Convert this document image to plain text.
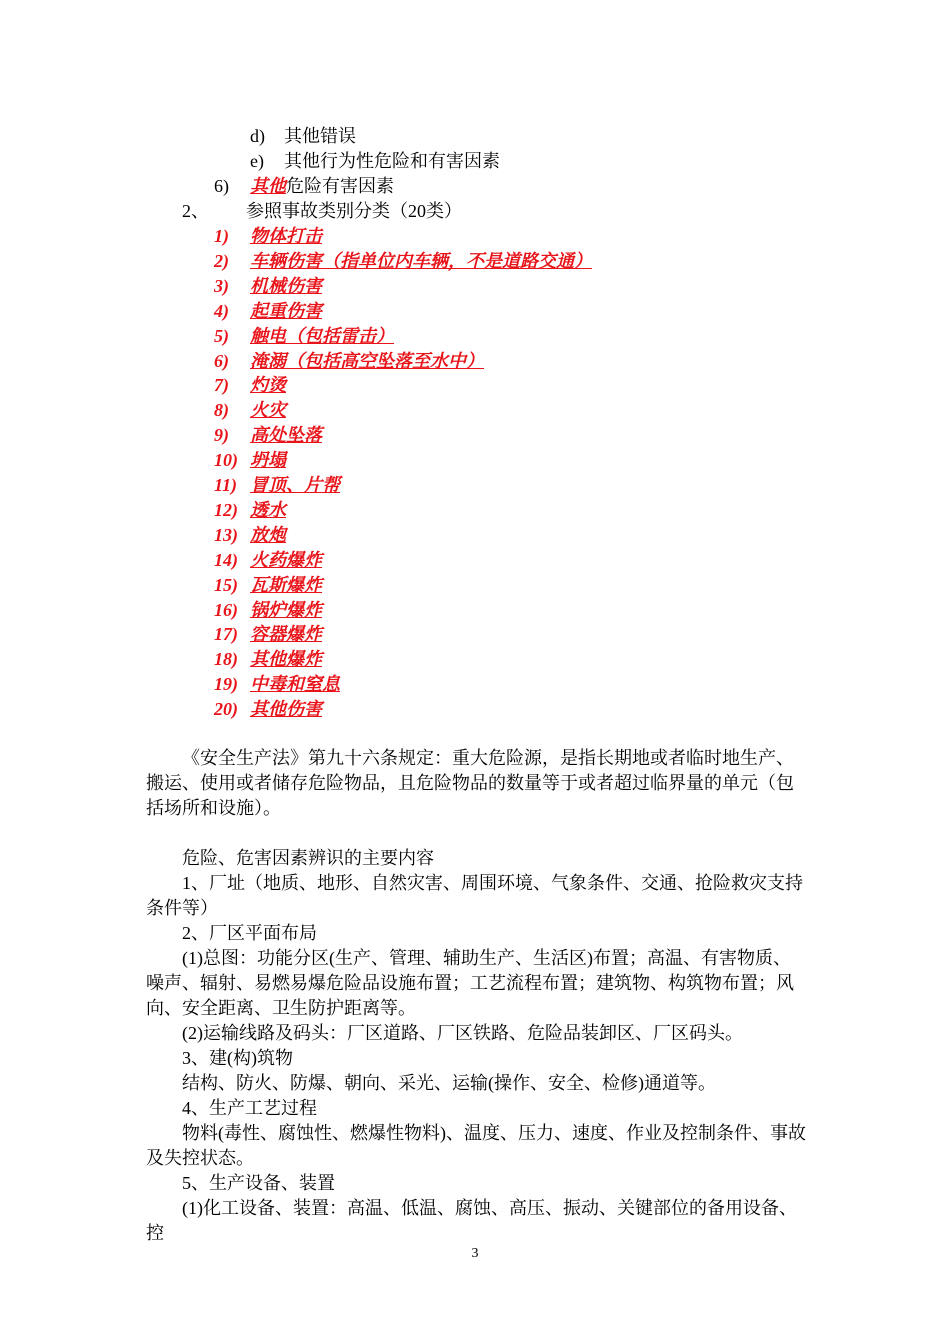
d) 其他错误
e) 其他行为性危险和有害因素
6) 其他危险有害因素
2、 参照事故类别分类（20类）
1)	物体打击
2)	车辆伤害（指单位内车辆，不是道路交通）
3)	机械伤害
4)	起重伤害
5)	触电（包括雷击）
6)	淹溺（包括高空坠落至水中）
7)	灼烫
8)	火灾
9)	高处坠落
10) 坍塌
11) 冒顶、片帮
12) 透水
13) 放炮
14) 火药爆炸
15) 瓦斯爆炸
16) 锅炉爆炸
17) 容器爆炸
18) 其他爆炸
19) 中毒和窒息
20) 其他伤害
《安全生产法》第九十六条规定：重大危险源，是指长期地或者临时地生产、搬运、使用或者储存危险物品，且危险物品的数量等于或者超过临界量的单元（包括场所和设施）。
危险、危害因素辨识的主要内容
1、厂址（地质、地形、自然灾害、周围环境、气象条件、交通、抢险救灾支持条件等）
2、厂区平面布局
(1)总图：功能分区(生产、管理、辅助生产、生活区)布置；高温、有害物质、噪声、辐射、易燃易爆危险品设施布置；工艺流程布置；建筑物、构筑物布置；风向、安全距离、卫生防护距离等。
(2)运输线路及码头：厂区道路、厂区铁路、危险品装卸区、厂区码头。
3、建(构)筑物
结构、防火、防爆、朝向、采光、运输(操作、安全、检修)通道等。
4、生产工艺过程
物料(毒性、腐蚀性、燃爆性物料)、温度、压力、速度、作业及控制条件、事故及失控状态。
5、生产设备、装置
(1)化工设备、装置：高温、低温、腐蚀、高压、振动、关键部位的备用设备、控
3
